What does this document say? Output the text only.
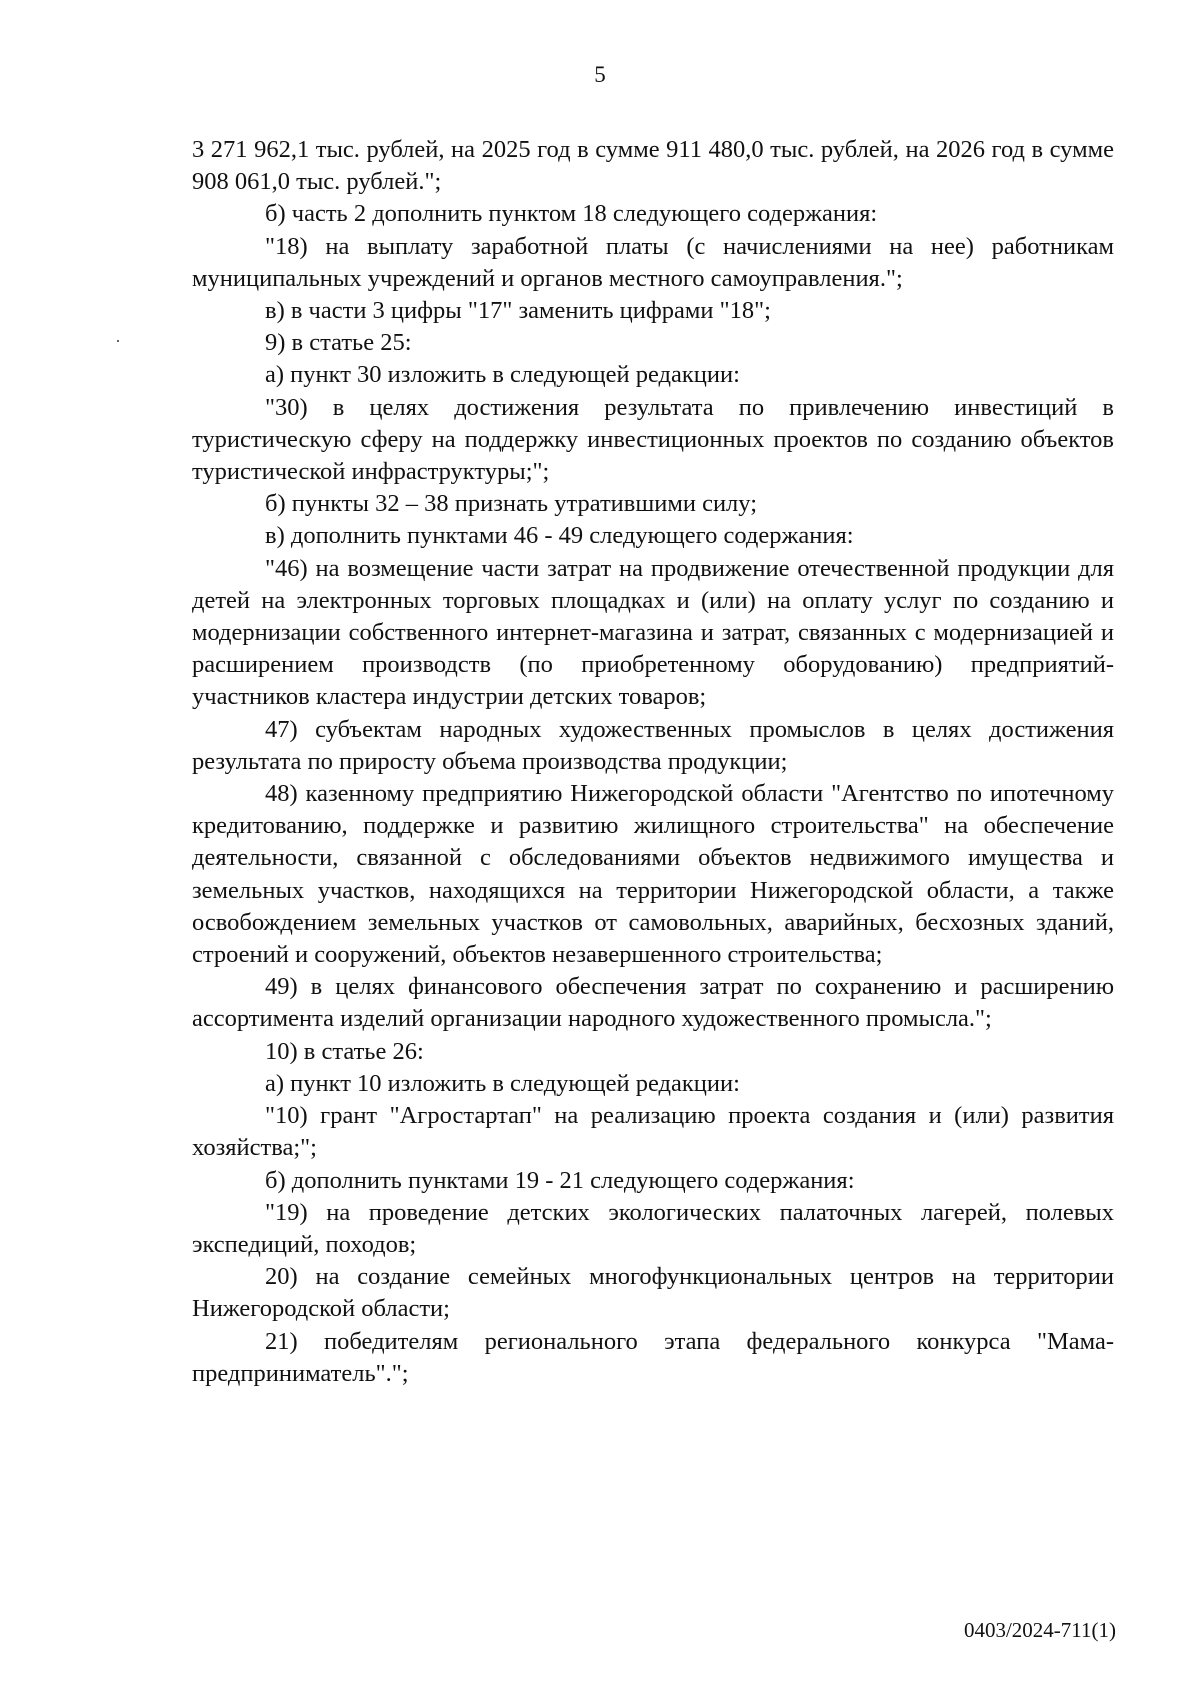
5

3 271 962,1 тыс. рублей, на 2025 год в сумме 911 480,0 тыс. рублей, на 2026 год в сумме 908 061,0 тыс. рублей.";

б) часть 2 дополнить пунктом 18 следующего содержания:

"18) на выплату заработной платы (с начислениями на нее) работникам муниципальных учреждений и органов местного самоуправления.";

в) в части 3 цифры "17" заменить цифрами "18";

9) в статье 25:

а) пункт 30 изложить в следующей редакции:

"30) в целях достижения результата по привлечению инвестиций в туристическую сферу на поддержку инвестиционных проектов по созданию объектов туристической инфраструктуры;";

б) пункты 32 – 38 признать утратившими силу;

в) дополнить пунктами 46 - 49 следующего содержания:

"46) на возмещение части затрат на продвижение отечественной продукции для детей на электронных торговых площадках и (или) на оплату услуг по созданию и модернизации собственного интернет-магазина и затрат, связанных с модернизацией и расширением производств (по приобретенному оборудованию) предприятий-участников кластера индустрии детских товаров;

47) субъектам народных художественных промыслов в целях достижения результата по приросту объема производства продукции;

48) казенному предприятию Нижегородской области "Агентство по ипотечному кредитованию, поддержке и развитию жилищного строительства" на обеспечение деятельности, связанной с обследованиями объектов недвижимого имущества и земельных участков, находящихся на территории Нижегородской области, а также освобождением земельных участков от самовольных, аварийных, бесхозных зданий, строений и сооружений, объектов незавершенного строительства;

49) в целях финансового обеспечения затрат по сохранению и расширению ассортимента изделий организации народного художественного промысла.";

10) в статье 26:

а) пункт 10 изложить в следующей редакции:

"10) грант "Агростартап" на реализацию проекта создания и (или) развития хозяйства;";

б) дополнить пунктами 19 - 21 следующего содержания:

"19) на проведение детских экологических палаточных лагерей, полевых экспедиций, походов;

20) на создание семейных многофункциональных центров на территории Нижегородской области;

21) победителям регионального этапа федерального конкурса "Мама-предприниматель".";

0403/2024-711(1)
